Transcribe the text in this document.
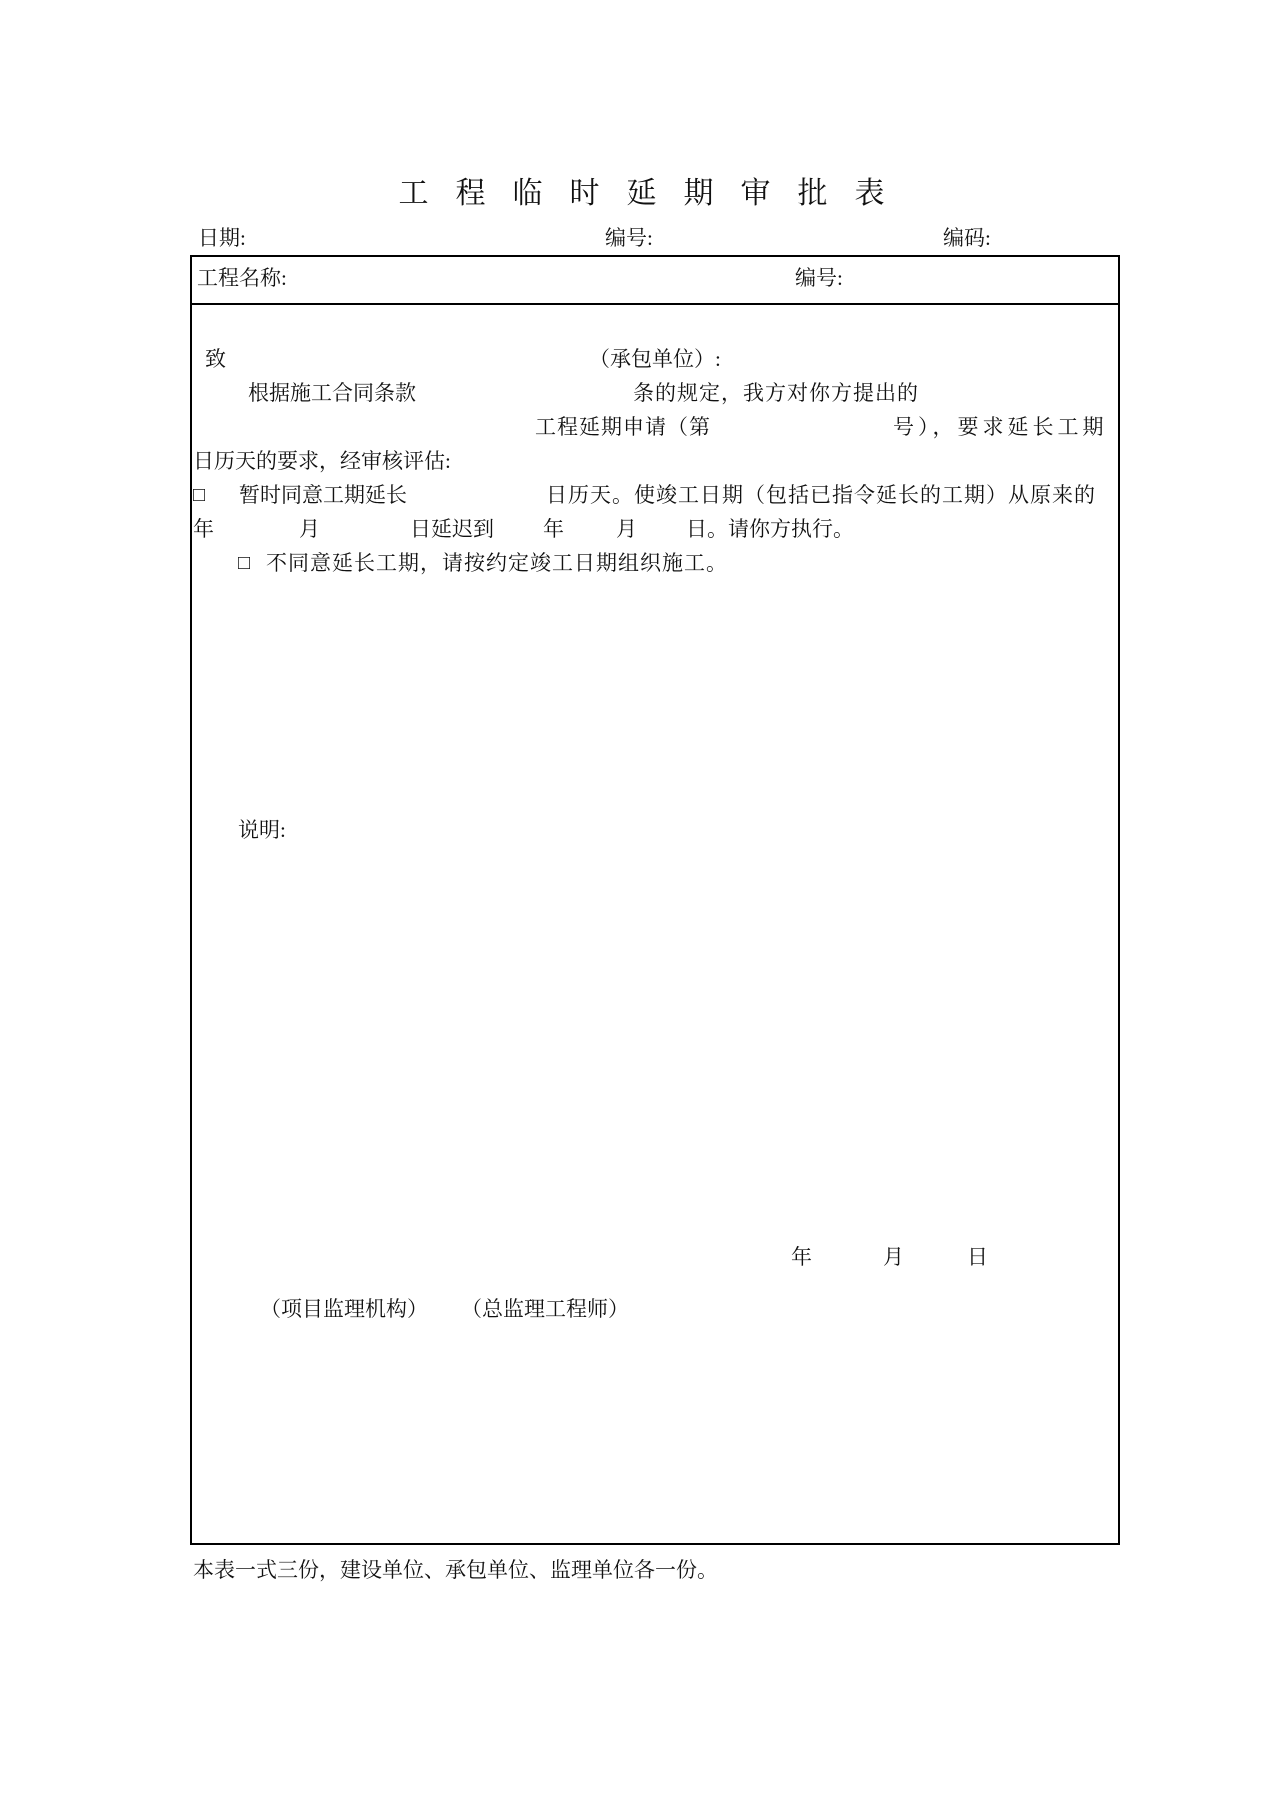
工程临时延期审批表
日期:	编号:	编码:
工程名称:	编号:
致	（承包单位）:
根据施工合同条款	条的规定，我方对你方提出的
工程延期申请（第	号），要求延长工期
日历天的要求，经审核评估:
□ 暂时同意工期延长	日历天。使竣工日期（包括已指令延长的工期）从原来的
年	月	日延迟到 年 月 日。请你方执行。
□ 不同意延长工期，请按约定竣工日期组织施工。
说明:
年	月	日
（项目监理机构） （总监理工程师）
本表一式三份，建设单位、承包单位、监理单位各一份。
